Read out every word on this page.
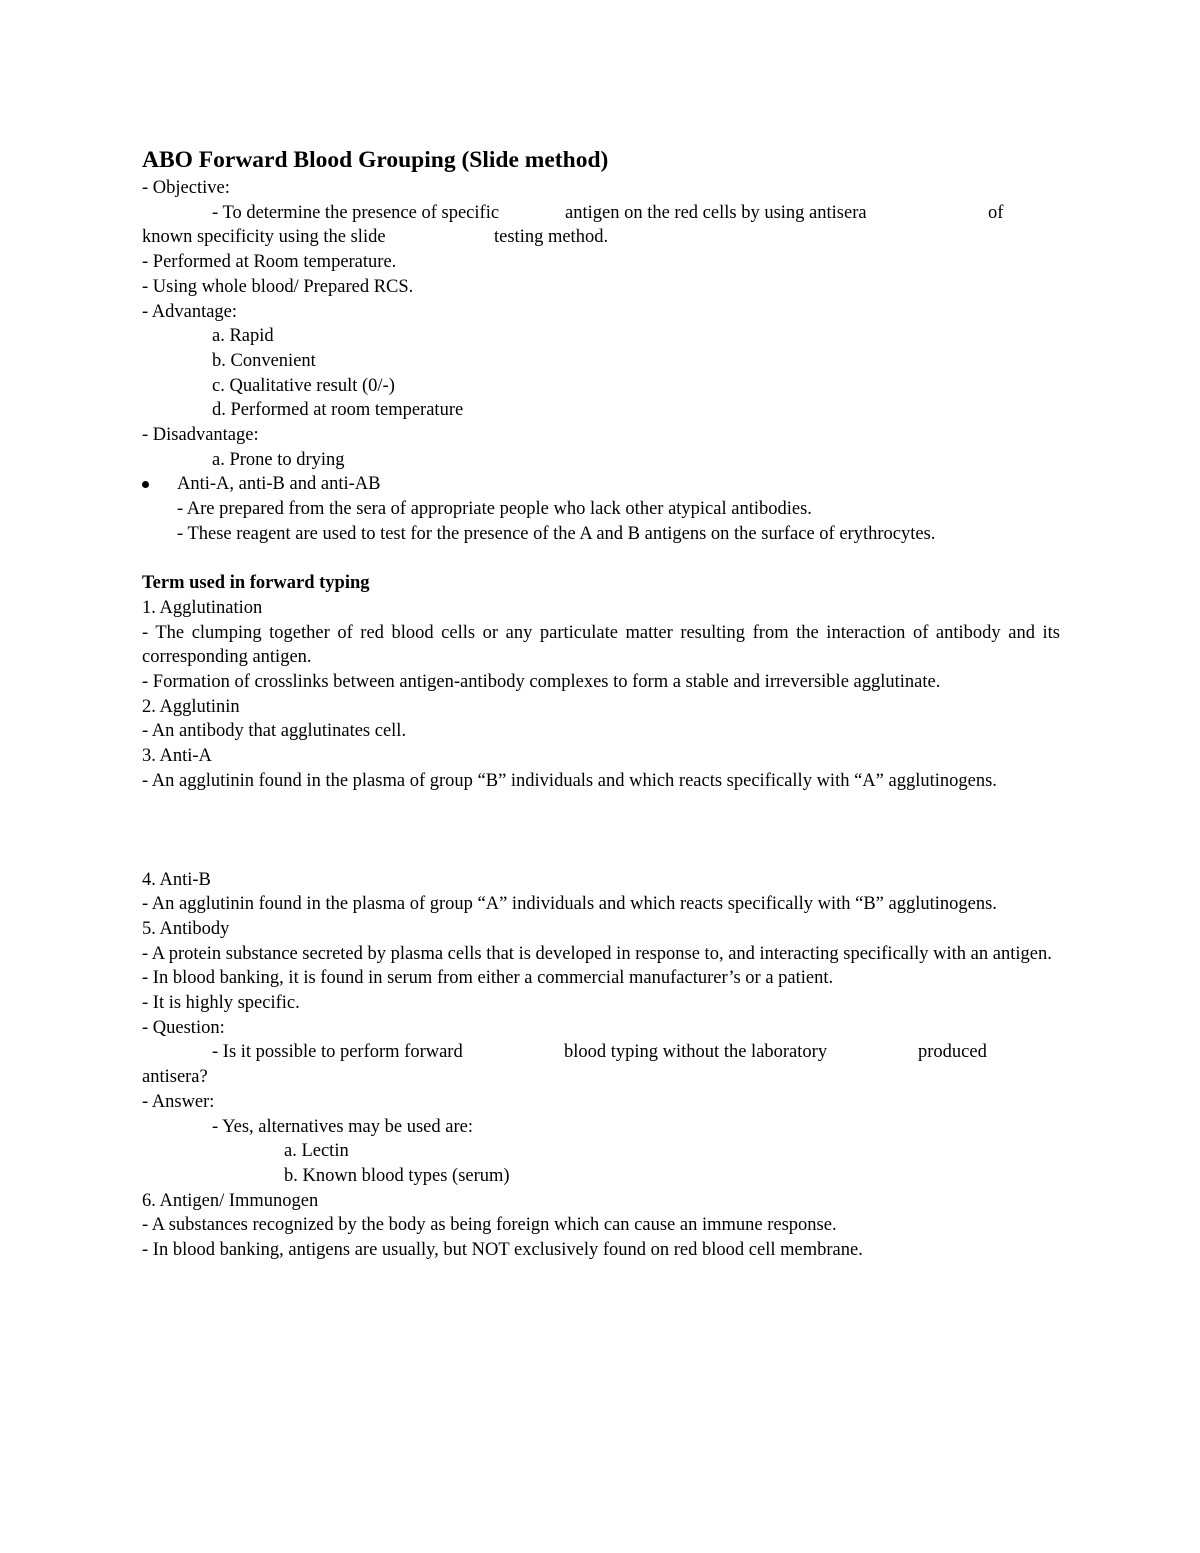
ABO Forward Blood Grouping (Slide method)
- Objective:
- To determine the presence of specific	antigen on the red cells by using antisera	of
known specificity using the slide	testing method.
- Performed at Room temperature.
- Using whole blood/ Prepared RCS.
- Advantage:
a. Rapid
b. Convenient
c. Qualitative result (0/-)
d. Performed at room temperature
- Disadvantage:
a. Prone to drying
Anti-A, anti-B and anti-AB
- Are prepared from the sera of appropriate people who lack other atypical antibodies.
- These reagent are used to test for the presence of the A and B antigens on the surface of erythrocytes.
Term used in forward typing
1. Agglutination
- The clumping together of red blood cells or any particulate matter resulting from the interaction of antibody and its corresponding antigen.
- Formation of crosslinks between antigen-antibody complexes to form a stable and irreversible agglutinate.
2. Agglutinin
- An antibody that agglutinates cell.
3. Anti-A
- An agglutinin found in the plasma of group “B” individuals and which reacts specifically with “A” agglutinogens.
4. Anti-B
- An agglutinin found in the plasma of group “A” individuals and which reacts specifically with “B” agglutinogens.
5. Antibody
- A protein substance secreted by plasma cells that is developed in response to, and interacting specifically with an antigen.
- In blood banking, it is found in serum from either a commercial manufacturer’s or a patient.
- It is highly specific.
- Question:
- Is it possible to perform forward	blood typing without the laboratory	produced
antisera?
- Answer:
- Yes, alternatives may be used are:
a. Lectin
b. Known blood types (serum)
6. Antigen/ Immunogen
- A substances recognized by the body as being foreign which can cause an immune response.
- In blood banking, antigens are usually, but NOT exclusively found on red blood cell membrane.
